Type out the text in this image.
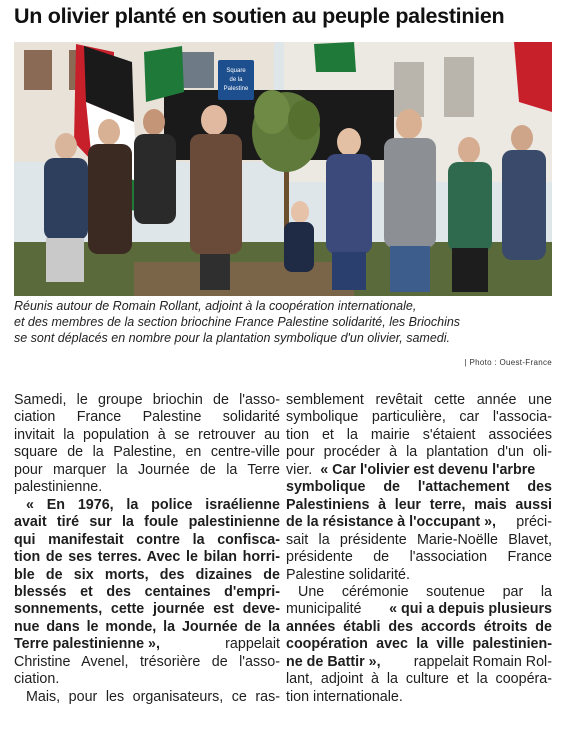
Un olivier planté en soutien au peuple palestinien
Square
de la
Palestine
Réunis autour de Romain Rollant, adjoint à la coopération internationale,
et des membres de la section briochine France Palestine solidarité, les Briochins
se sont déplacés en nombre pour la plantation symbolique d'un olivier, samedi.
| Photo : Ouest-France
Samedi, le groupe briochin de l'asso-
ciation France Palestine solidarité
invitait la population à se retrouver au
square de la Palestine, en centre-ville
pour marquer la Journée de la Terre
palestinienne.
« En 1976, la police israélienne
avait tiré sur la foule palestinienne
qui manifestait contre la confisca-
tion de ses terres. Avec le bilan horri-
ble de six morts, des dizaines de
blessés et des centaines d'empri-
sonnements, cette journée est deve-
nue dans le monde, la Journée de la
Terre palestinienne »,	rappelait
Christine Avenel, trésorière de l'asso-
ciation.
Mais, pour les organisateurs, ce ras-
semblement revêtait cette année une
symbolique particulière, car l'associa-
tion et la mairie s'étaient associées
pour procéder à la plantation d'un oli-
vier. « Car l'olivier est devenu l'arbre
symbolique de l'attachement des
Palestiniens à leur terre, mais aussi
de la résistance à l'occupant », préci-
sait la présidente Marie-Noëlle Blavet,
présidente de l'association France
Palestine solidarité.
Une cérémonie soutenue par la
municipalité « qui a depuis plusieurs
années établi des accords étroits de
coopération avec la ville palestinien-
ne de Battir », rappelait Romain Rol-
lant, adjoint à la culture et la coopéra-
tion internationale.
